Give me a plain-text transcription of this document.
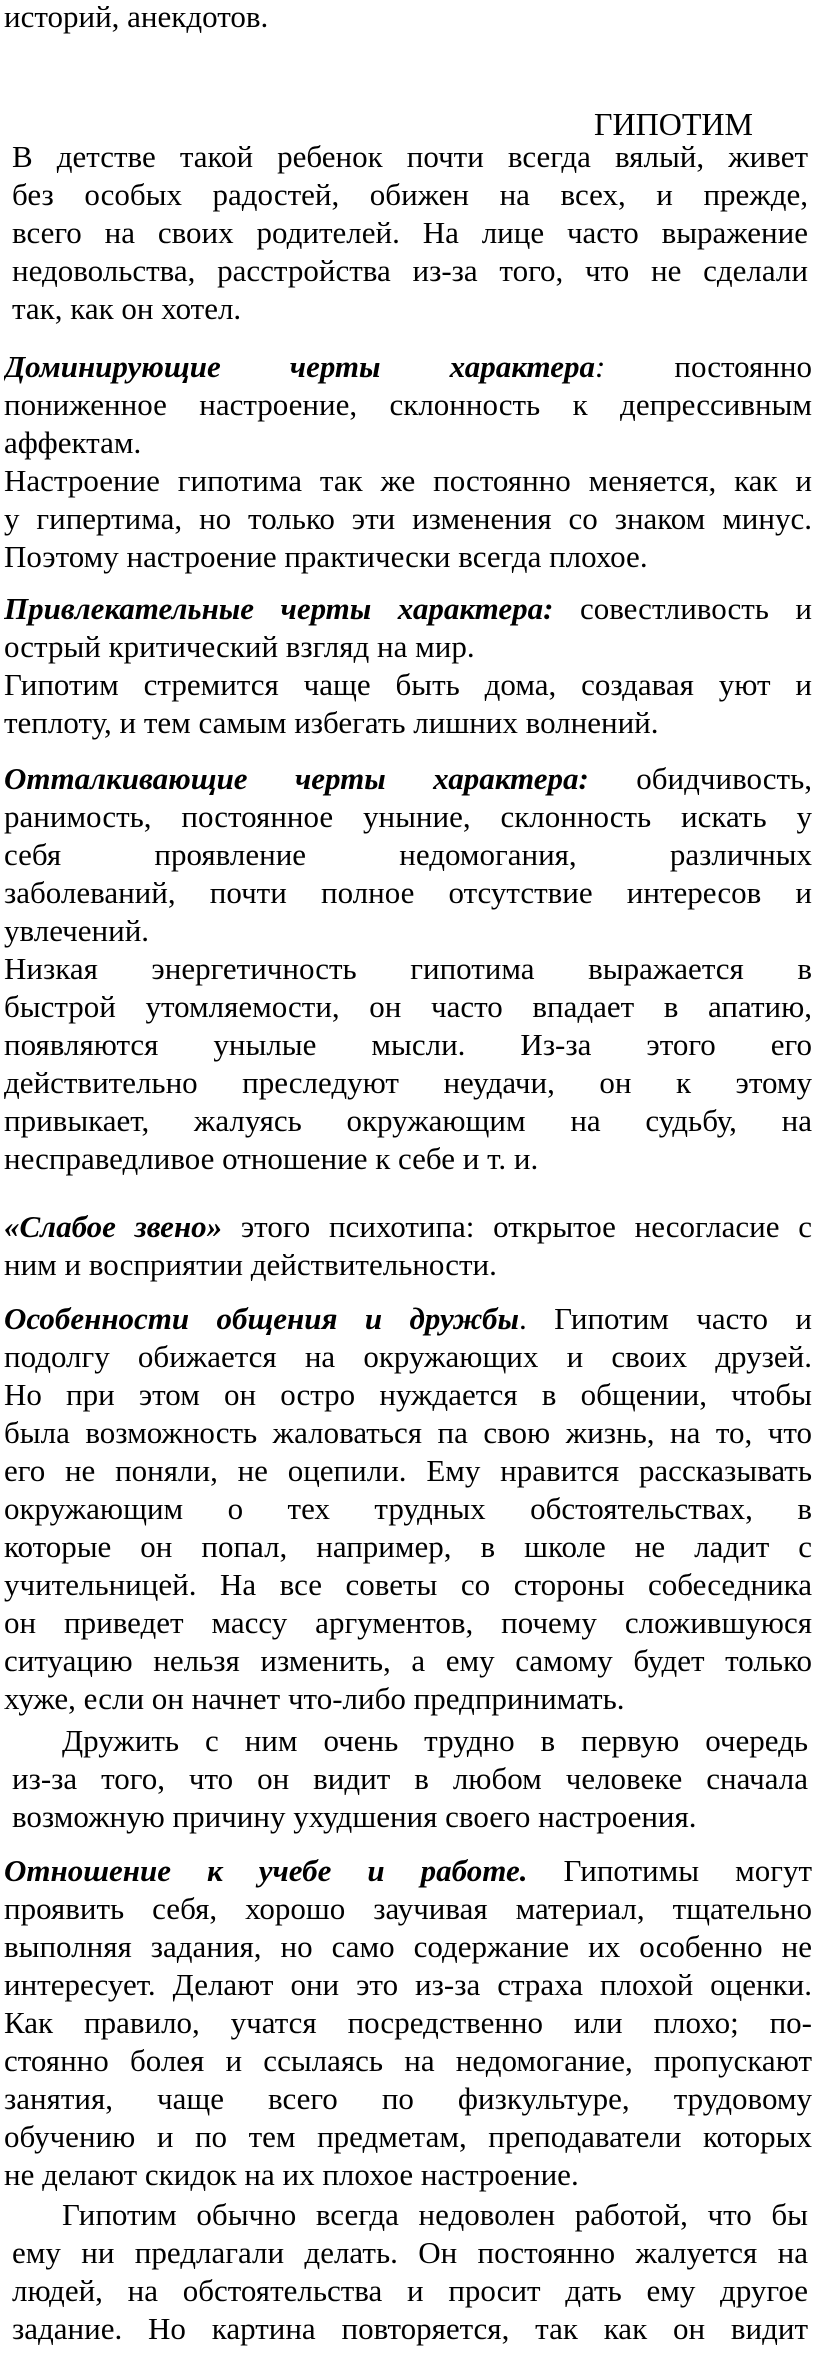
историй, анекдотов.
ГИПОТИМ
В детстве такой ребенок почти всегда вялый, живет
без особых радостей, обижен на всех, и прежде,
всего на своих родителей. На лице часто выражение
недовольства, расстройства из-за того, что не сделали
так, как он хотел.
Доминирующие черты характера: постоянно
пониженное настроение, склонность к депрессивным
аффектам.
Настроение гипотима так же постоянно меняется, как и
у гипертима, но только эти изменения со знаком минус.
Поэтому настроение практически всегда плохое.
Привлекательные черты характера: совестливость и
острый критический взгляд на мир.
Гипотим стремится чаще быть дома, создавая уют и
теплоту, и тем самым избегать лишних волнений.
Отталкивающие черты характера: обидчивость,
ранимость, постоянное уныние, склонность искать у
себя проявление недомогания, различных
заболеваний, почти полное отсутствие интересов и
увлечений.
Низкая энергетичность гипотима выражается в
быстрой утомляемости, он часто впадает в апатию,
появляются унылые мысли. Из-за этого его
действительно преследуют неудачи, он к этому
привыкает, жалуясь окружающим на судьбу, на
несправедливое отношение к себе и т. и.
«Слабое звено» этого психотипа: открытое несогласие с
ним и восприятии действительности.
Особенности общения и дружбы. Гипотим часто и
подолгу обижается на окружающих и своих друзей.
Но при этом он остро нуждается в общении, чтобы
была возможность жаловаться па свою жизнь, на то, что
его не поняли, не оцепили. Ему нравится рассказывать
окружающим о тех трудных обстоятельствах, в
которые он попал, например, в школе не ладит с
учительницей. На все советы со стороны собеседника
он приведет массу аргументов, почему сложившуюся
ситуацию нельзя изменить, а ему самому будет только
хуже, если он начнет что-либо предпринимать.
Дружить с ним очень трудно в первую очередь
из-за того, что он видит в любом человеке сначала
возможную причину ухудшения своего настроения.
Отношение к учебе и работе. Гипотимы могут
проявить себя, хорошо заучивая материал, тщательно
выполняя задания, но само содержание их особенно не
интересует. Делают они это из-за страха плохой оценки.
Как правило, учатся посредственно или плохо; по-
стоянно болея и ссылаясь на недомогание, пропускают
занятия, чаще всего по физкультуре, трудовому
обучению и по тем предметам, преподаватели которых
не делают скидок на их плохое настроение.
Гипотим обычно всегда недоволен работой, что бы
ему ни предлагали делать. Он постоянно жалуется на
людей, на обстоятельства и просит дать ему другое
задание. Но картина повторяется, так как он видит
